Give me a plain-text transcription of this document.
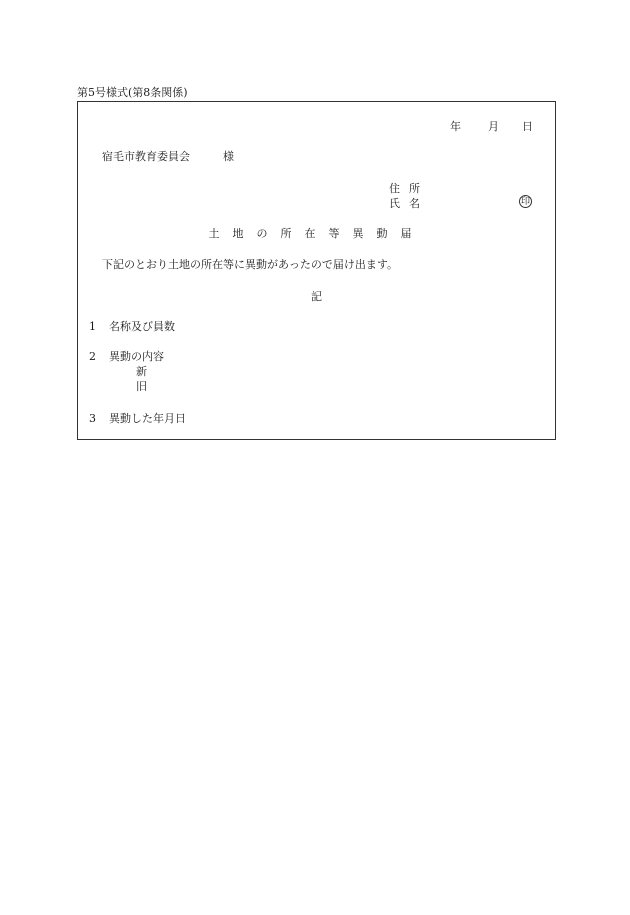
第5号様式(第8条関係)
年 月 日
宿毛市教育委員会	様
住所
氏名	印
土地の所在等異動届
下記のとおり土地の所在等に異動があったので届け出ます。
記
1 名称及び員数
2 異動の内容
新
旧
3 異動した年月日
